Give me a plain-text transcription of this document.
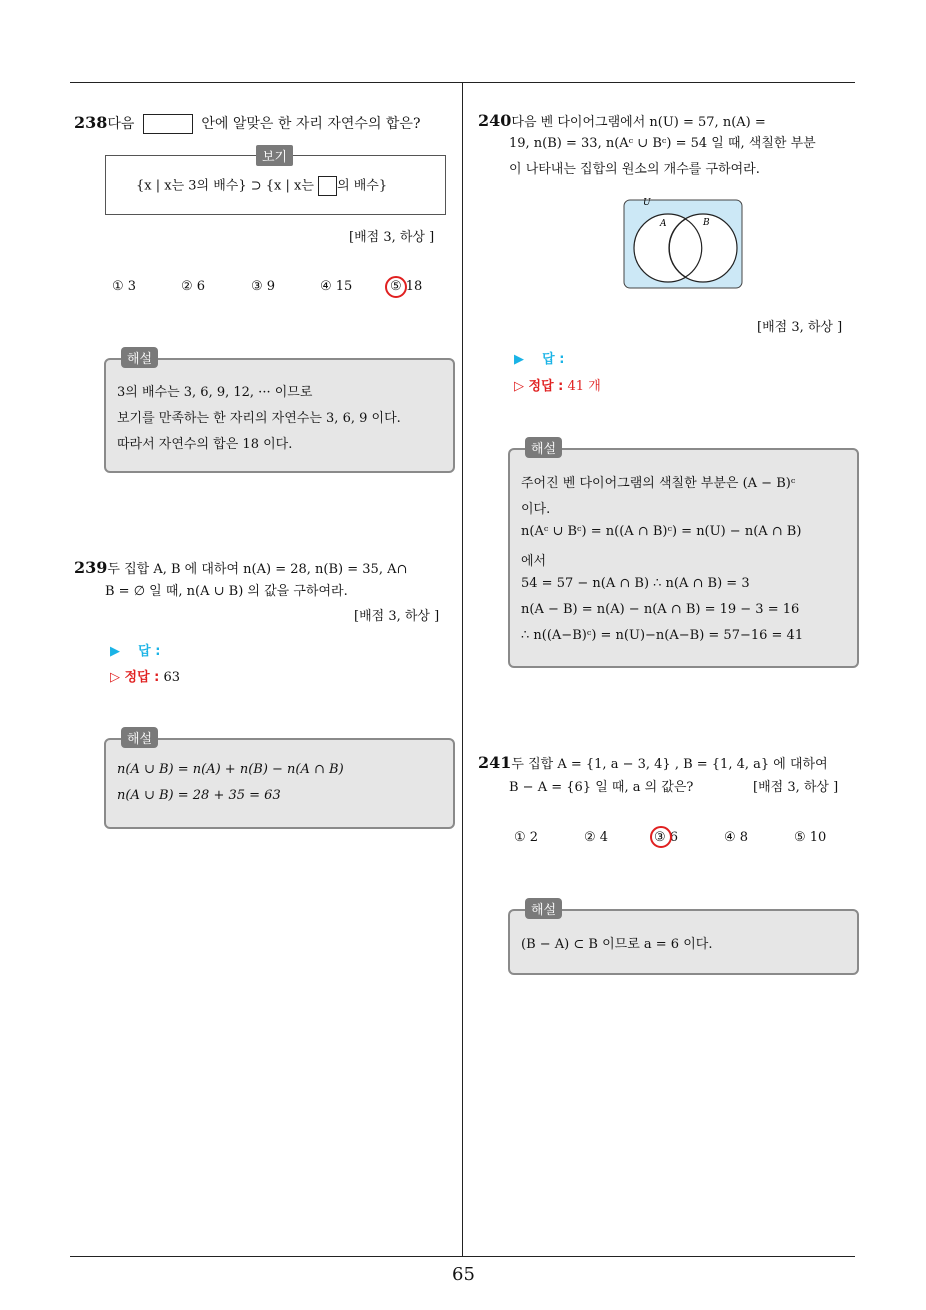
65
238다음	안에 알맞은 한 자리 자연수의 합은?
보기
{x | x는 3의 배수} ⊃ {x | x는 의 배수}
[배점 3, 하상 ]
① 3	② 6	③ 9	④ 15	⑤ 18
3의 배수는 3, 6, 9, 12, ··· 이므로
보기를 만족하는 한 자리의 자연수는 3, 6, 9 이다.
따라서 자연수의 합은 18 이다.
해설
239두 집합 A, B 에 대하여 n(A) = 28, n(B) = 35, A∩
B = ∅ 일 때, n(A ∪ B) 의 값을 구하여라.
[배점 3, 하상 ]
▶ 답 :
▷ 정답 : 63
n(A ∪ B) = n(A) + n(B) − n(A ∩ B)
n(A ∪ B) = 28 + 35 = 63
해설
240다음 벤 다이어그램에서 n(U) = 57, n(A) =
19, n(B) = 33, n(Aᶜ ∪ Bᶜ) = 54 일 때, 색칠한 부분
이 나타내는 집합의 원소의 개수를 구하여라.
U
A	B
[배점 3, 하상 ]
▶ 답 :
▷ 정답 : 41 개
주어진 벤 다이어그램의 색칠한 부분은 (A − B)ᶜ
이다.
n(Aᶜ ∪ Bᶜ) = n((A ∩ B)ᶜ) = n(U) − n(A ∩ B)
에서
54 = 57 − n(A ∩ B) ∴ n(A ∩ B) = 3
n(A − B) = n(A) − n(A ∩ B) = 19 − 3 = 16
∴ n((A−B)ᶜ) = n(U)−n(A−B) = 57−16 = 41
해설
241두 집합 A = {1, a − 3, 4} , B = {1, 4, a} 에 대하여
B − A = {6} 일 때, a 의 값은?	[배점 3, 하상 ]
① 2	② 4	③ 6	④ 8	⑤ 10
(B − A) ⊂ B 이므로 a = 6 이다.
해설
